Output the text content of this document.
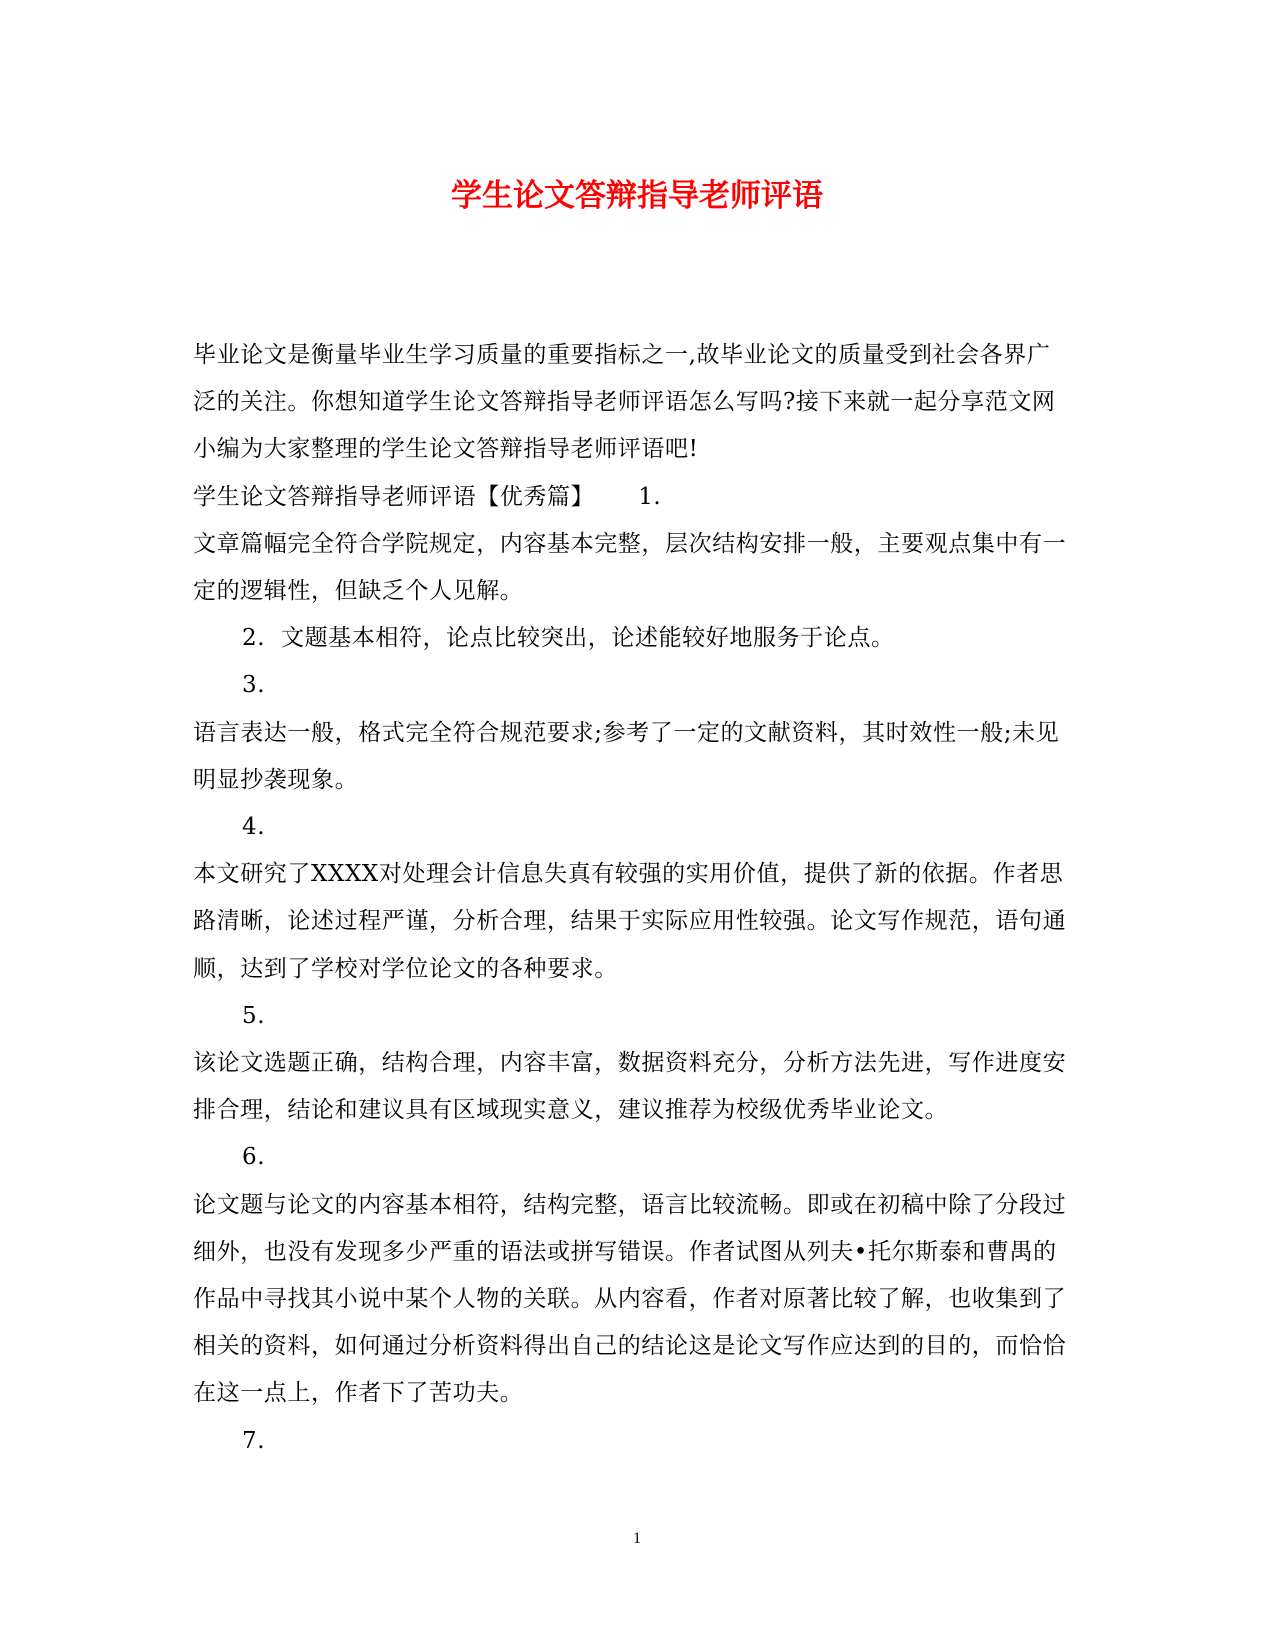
学生论文答辩指导老师评语

毕业论文是衡量毕业生学习质量的重要指标之一,故毕业论文的质量受到社会各界广泛的关注。你想知道学生论文答辩指导老师评语怎么写吗?接下来就一起分享范文网小编为大家整理的学生论文答辩指导老师评语吧!

学生论文答辩指导老师评语【优秀篇】 1.

文章篇幅完全符合学院规定，内容基本完整，层次结构安排一般，主要观点集中有一定的逻辑性，但缺乏个人见解。

2. 文题基本相符，论点比较突出，论述能较好地服务于论点。

3.

语言表达一般，格式完全符合规范要求;参考了一定的文献资料，其时效性一般;未见明显抄袭现象。

4.

本文研究了XXXX对处理会计信息失真有较强的实用价值，提供了新的依据。作者思路清晰，论述过程严谨，分析合理，结果于实际应用性较强。论文写作规范，语句通顺，达到了学校对学位论文的各种要求。

5.

该论文选题正确，结构合理，内容丰富，数据资料充分，分析方法先进，写作进度安排合理，结论和建议具有区域现实意义，建议推荐为校级优秀毕业论文。

6.

论文题与论文的内容基本相符，结构完整，语言比较流畅。即或在初稿中除了分段过细外，也没有发现多少严重的语法或拼写错误。作者试图从列夫•托尔斯泰和曹禺的作品中寻找其小说中某个人物的关联。从内容看，作者对原著比较了解，也收集到了相关的资料，如何通过分析资料得出自己的结论这是论文写作应达到的目的，而恰恰在这一点上，作者下了苦功夫。

7.

1
